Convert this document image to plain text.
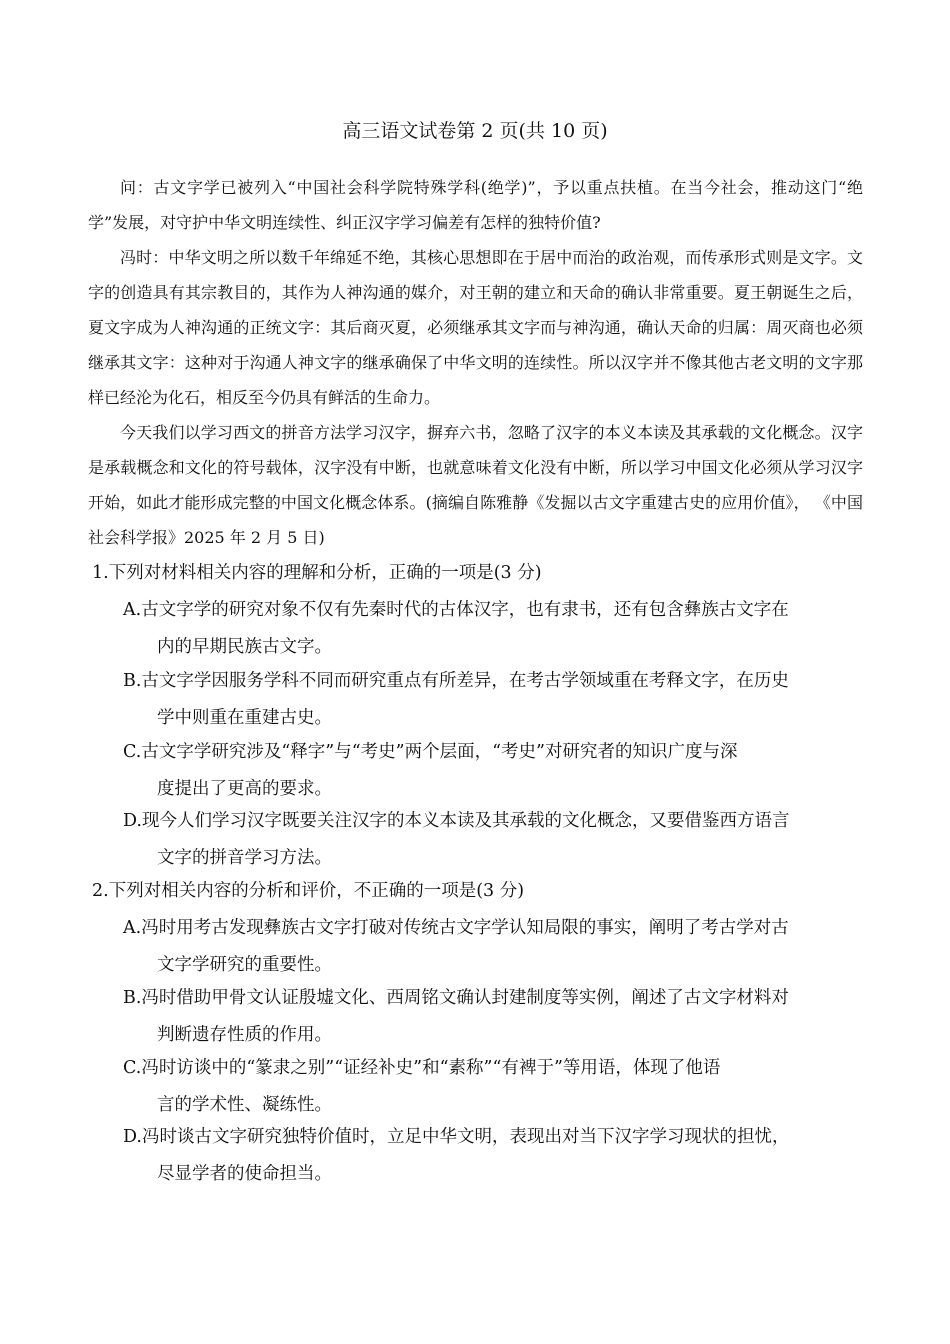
高三语文试卷第 2 页(共 10 页)

问：古文字学已被列入“中国社会科学院特殊学科(绝学)”，予以重点扶植。在当今社会，推动这门“绝学”发展，对守护中华文明连续性、纠正汉字学习偏差有怎样的独特价值?

冯时：中华文明之所以数千年绵延不绝，其核心思想即在于居中而治的政治观，而传承形式则是文字。文字的创造具有其宗教目的，其作为人神沟通的媒介，对王朝的建立和天命的确认非常重要。夏王朝诞生之后，夏文字成为人神沟通的正统文字：其后商灭夏，必须继承其文字而与神沟通，确认天命的归属：周灭商也必须继承其文字：这种对于沟通人神文字的继承确保了中华文明的连续性。所以汉字并不像其他古老文明的文字那样已经沦为化石，相反至今仍具有鲜活的生命力。

今天我们以学习西文的拼音方法学习汉字，摒弃六书，忽略了汉字的本义本读及其承载的文化概念。汉字是承载概念和文化的符号载体，汉字没有中断，也就意味着文化没有中断，所以学习中国文化必须从学习汉字开始，如此才能形成完整的中国文化概念体系。(摘编自陈雅静《发掘以古文字重建古史的应用价值》， 《中国社会科学报》2025 年 2 月 5 日)

1.下列对材料相关内容的理解和分析，正确的一项是(3 分)

A.古文字学的研究对象不仅有先秦时代的古体汉字，也有隶书，还有包含彝族古文字在
内的早期民族古文字。

B.古文字学因服务学科不同而研究重点有所差异，在考古学领域重在考释文字，在历史
学中则重在重建古史。

C.古文字学研究涉及“释字”与“考史”两个层面，“考史”对研究者的知识广度与深
度提出了更高的要求。

D.现今人们学习汉字既要关注汉字的本义本读及其承载的文化概念，又要借鉴西方语言
文字的拼音学习方法。

2.下列对相关内容的分析和评价，不正确的一项是(3 分)

A.冯时用考古发现彝族古文字打破对传统古文字学认知局限的事实，阐明了考古学对古
文字学研究的重要性。

B.冯时借助甲骨文认证殷墟文化、西周铭文确认封建制度等实例，阐述了古文字材料对
判断遗存性质的作用。

C.冯时访谈中的“篆隶之别”“证经补史”和“素称”“有裨于”等用语，体现了他语
言的学术性、凝练性。

D.冯时谈古文字研究独特价值时，立足中华文明，表现出对当下汉字学习现状的担忧，
尽显学者的使命担当。
